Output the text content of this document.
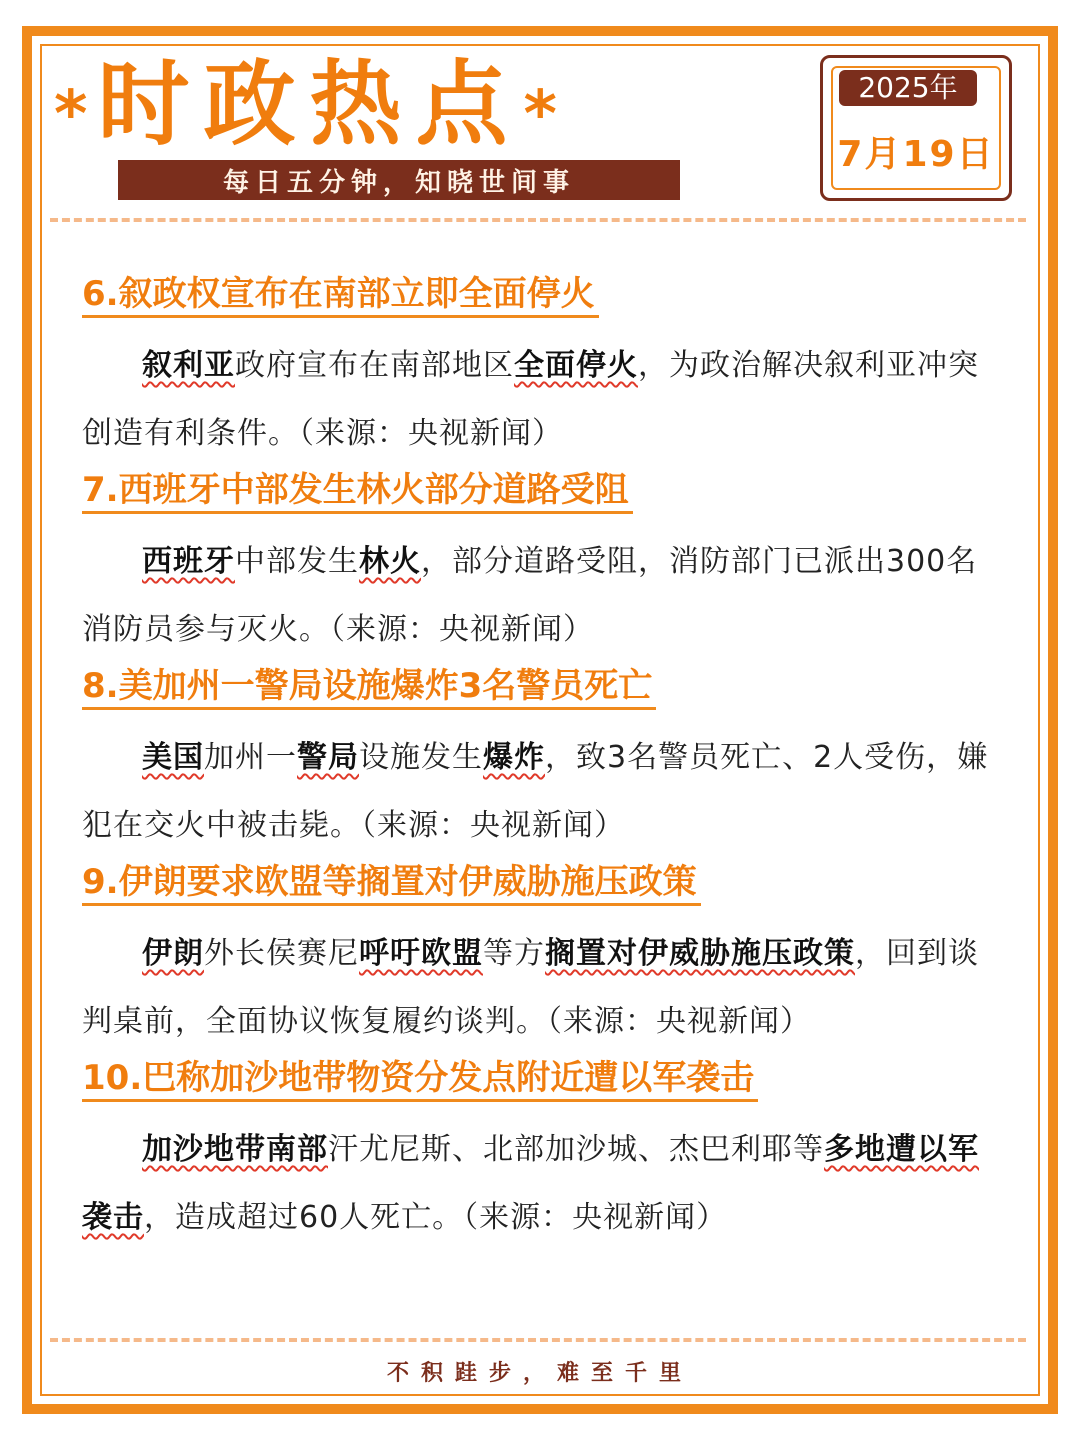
* 时政热点 *
每日五分钟，知晓世间事
2025年
7月19日
6.叙政权宣布在南部立即全面停火

叙利亚政府宣布在南部地区全面停火，为政治解决叙利亚冲突创造有利条件。（来源：央视新闻）

7.西班牙中部发生林火部分道路受阻

西班牙中部发生林火，部分道路受阻，消防部门已派出300名消防员参与灭火。（来源：央视新闻）

8.美加州一警局设施爆炸3名警员死亡

美国加州一警局设施发生爆炸，致3名警员死亡、2人受伤，嫌犯在交火中被击毙。（来源：央视新闻）

9.伊朗要求欧盟等搁置对伊威胁施压政策

伊朗外长侯赛尼呼吁欧盟等方搁置对伊威胁施压政策，回到谈判桌前，全面协议恢复履约谈判。（来源：央视新闻）

10.巴称加沙地带物资分发点附近遭以军袭击

加沙地带南部汗尤尼斯、北部加沙城、杰巴利耶等多地遭以军袭击，造成超过60人死亡。（来源：央视新闻）

不积跬步，难至千里
